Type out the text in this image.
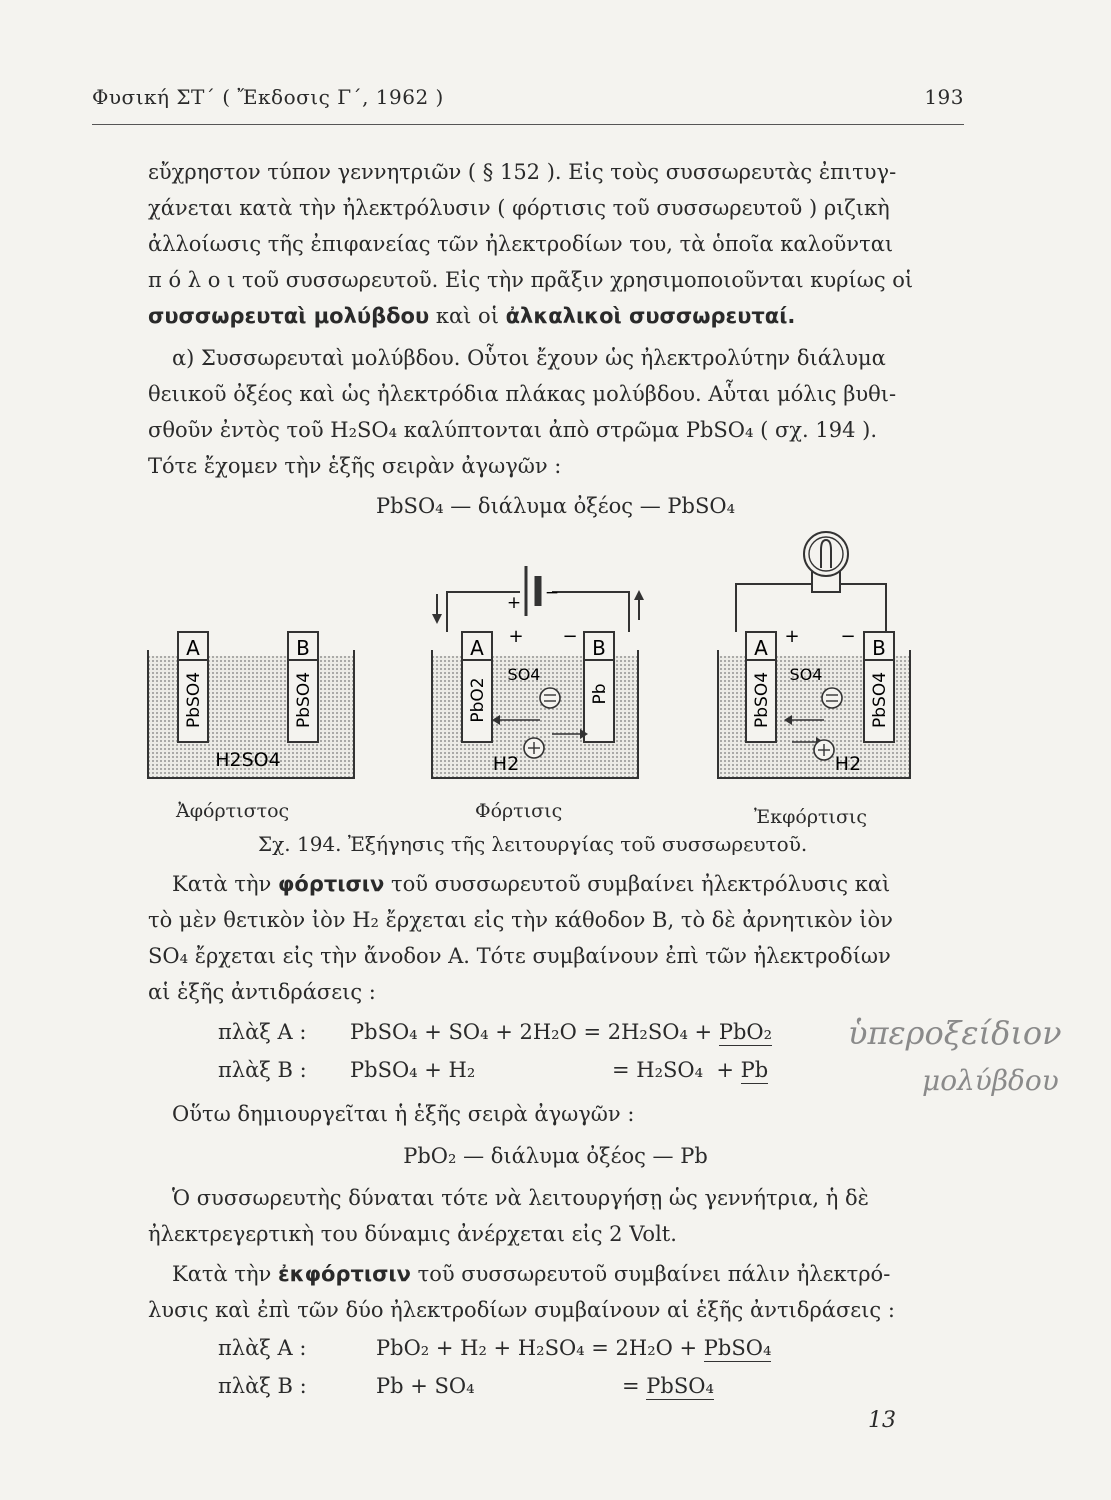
Φυσική ΣΤ΄ ( Ἔκδοσις Γ΄, 1962 )	193
εὔχρηστον τύπον γεννητριῶν ( § 152 ). Εἰς τοὺς συσσωρευτὰς ἐπιτυγ-
χάνεται κατὰ τὴν ἠλεκτρόλυσιν ( φόρτισις τοῦ συσσωρευτοῦ ) ριζικὴ
ἀλλοίωσις τῆς ἐπιφανείας τῶν ἠλεκτροδίων του, τὰ ὁποῖα καλοῦνται
π ό λ ο ι τοῦ συσσωρευτοῦ. Εἰς τὴν πρᾶξιν χρησιμοποιοῦνται κυρίως οἱ
συσσωρευταὶ μολύβδου καὶ οἱ ἀλκαλικοὶ συσσωρευταί.
α) Συσσωρευταὶ μολύβδου. Οὗτοι ἔχουν ὡς ἠλεκτρολύτην διάλυμα
θειικοῦ ὀξέος καὶ ὡς ἠλεκτρόδια πλάκας μολύβδου. Αὗται μόλις βυθι-
σθοῦν ἐντὸς τοῦ H₂SO₄ καλύπτονται ἀπὸ στρῶμα PbSO₄ ( σχ. 194 ).
Τότε ἔχομεν τὴν ἑξῆς σειρὰν ἀγωγῶν :
PbSO₄ — διάλυμα ὀξέος — PbSO₄
A	B
PbSO4	PbSO4
H2SO4
+ −
A	B
+ −
PbO2	Pb
SO4
H2
A	B
+ −
PbSO4	PbSO4
SO4
H2
Ἀφόρτιστος	Φόρτισις	Ἐκφόρτισις
Σχ. 194. Ἐξήγησις τῆς λειτουργίας τοῦ συσσωρευτοῦ.
Κατὰ τὴν φόρτισιν τοῦ συσσωρευτοῦ συμβαίνει ἠλεκτρόλυσις καὶ
τὸ μὲν θετικὸν ἰὸν H₂ ἔρχεται εἰς τὴν κάθοδον Β, τὸ δὲ ἀρνητικὸν ἰὸν
SO₄ ἔρχεται εἰς τὴν ἄνοδον Α. Τότε συμβαίνουν ἐπὶ τῶν ἠλεκτροδίων
αἱ ἑξῆς ἀντιδράσεις :
πλὰξ Α : PbSO₄ + SO₄ + 2H₂O = 2H₂SO₄ + PbO₂
πλὰξ Β : PbSO₄ + H₂	= H₂SO₄  + Pb
ὑπεροξείδιον
μολύβδου
Οὕτω δημιουργεῖται ἡ ἑξῆς σειρὰ ἀγωγῶν :
PbO₂ — διάλυμα ὀξέος — Pb
Ὁ συσσωρευτὴς δύναται τότε νὰ λειτουργήσῃ ὡς γεννήτρια, ἡ δὲ
ἠλεκτρεγερτικὴ του δύναμις ἀνέρχεται εἰς 2 Volt.
Κατὰ τὴν ἐκφόρτισιν τοῦ συσσωρευτοῦ συμβαίνει πάλιν ἠλεκτρό-
λυσις καὶ ἐπὶ τῶν δύο ἠλεκτροδίων συμβαίνουν αἱ ἑξῆς ἀντιδράσεις :
πλὰξ Α :	PbO₂ + H₂ + H₂SO₄ = 2H₂O + PbSO₄
πλὰξ Β :	Pb + SO₄	= PbSO₄
13
